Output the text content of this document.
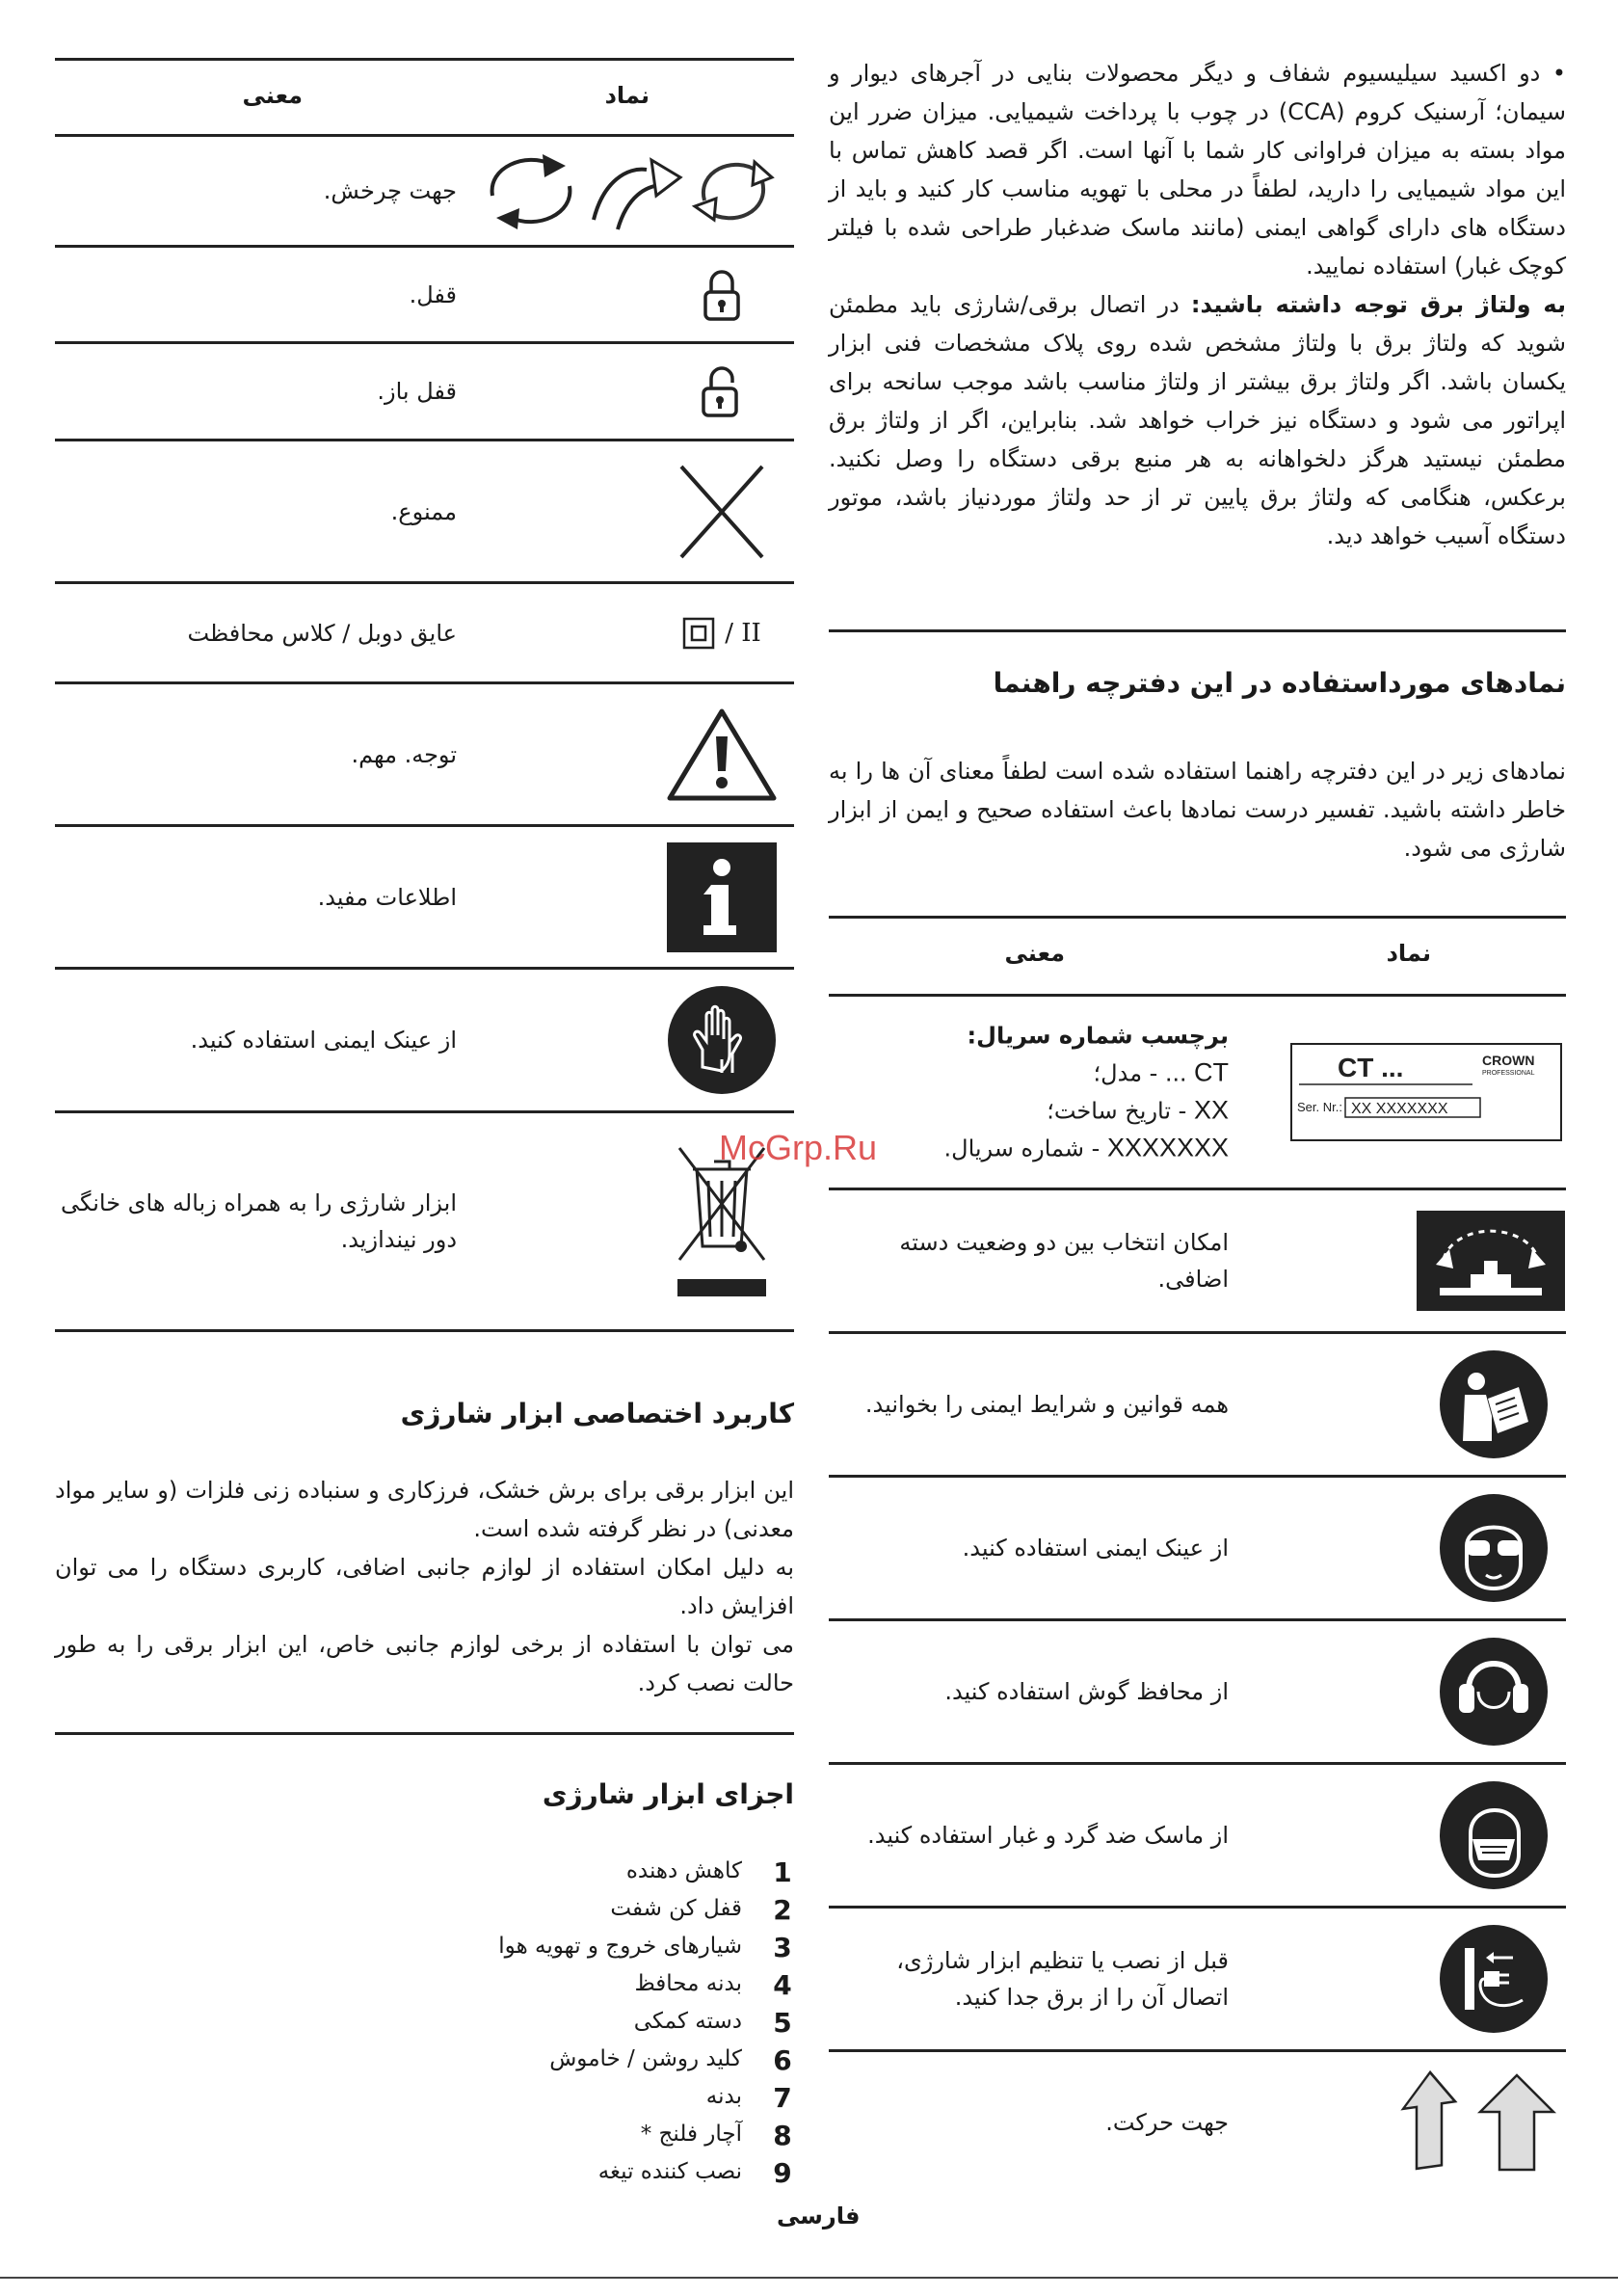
نماد
معنی
جهت چرخش.
قفل.
قفل باز.
ممنوع.
/ II
عایق دوبل / کلاس محافظت
توجه. مهم.
اطلاعات مفید.
از عینک ایمنی استفاده کنید.
ابزار شارژی را به همراه زباله های خانگی دور نیندازید.
کاربرد اختصاصی ابزار شارژی
این ابزار برقی برای برش خشک، فرزکاری و سنباده زنی فلزات (و سایر مواد معدنی) در نظر گرفته شده است.
به دلیل امکان استفاده از لوازم جانبی اضافی، کاربری دستگاه را می توان افزایش داد.
می توان با استفاده از برخی لوازم جانبی خاص، این ابزار برقی را به طور حالت نصب کرد.
اجزای ابزار شارژی
1
کاهش دهنده
2
قفل کن شفت
3
شیارهای خروج و تهویه هوا
4
بدنه محافظ
5
دسته کمکی
6
کلید روشن / خاموش
7
بدنه
8
آچار فلنج *
9
نصب کننده تیغه
• دو اکسید سیلیسیوم شفاف و دیگر محصولات بنایی در آجرهای دیوار و سیمان؛ آرسنیک کروم (CCA) در چوب با پرداخت شیمیایی. میزان ضرر این مواد بسته به میزان فراوانی کار شما با آنها است. اگر قصد کاهش تماس با این مواد شیمیایی را دارید، لطفاً در محلی با تهویه مناسب کار کنید و باید از دستگاه های دارای گواهی ایمنی (مانند ماسک ضدغبار طراحی شده با فیلتر کوچک غبار) استفاده نمایید.
به ولتاژ برق توجه داشته باشید: در اتصال برقی/شارژی باید مطمئن شوید که ولتاژ برق با ولتاژ مشخص شده روی پلاک مشخصات فنی ابزار یکسان باشد. اگر ولتاژ برق بیشتر از ولتاژ مناسب باشد موجب سانحه برای اپراتور می شود و دستگاه نیز خراب خواهد شد. بنابراین، اگر از ولتاژ برق مطمئن نیستید هرگز دلخواهانه به هر منبع برقی دستگاه را وصل نکنید. برعکس، هنگامی که ولتاژ برق پایین تر از حد ولتاژ موردنیاز باشد، موتور دستگاه آسیب خواهد دید.
نمادهای مورداستفاده در این دفترچه راهنما
نمادهای زیر در این دفترچه راهنما استفاده شده است لطفاً معنای آن ها را به خاطر داشته باشید. تفسیر درست نمادها باعث استفاده صحیح و ایمن از ابزار شارژی می شود.
نماد
معنی
CT ...	CROWN
PROFESSIONAL
Ser. Nr.: XX XXXXXXX
برچسب شماره سریال:
CT ... - مدل؛
XX - تاریخ ساخت؛
XXXXXXX - شماره سریال.
امکان انتخاب بین دو وضعیت دسته اضافی.
همه قوانین و شرایط ایمنی را بخوانید.
از عینک ایمنی استفاده کنید.
از محافظ گوش استفاده کنید.
از ماسک ضد گرد و غبار استفاده کنید.
قبل از نصب یا تنظیم ابزار شارژی، اتصال آن را از برق جدا کنید.
جهت حرکت.
McGrp.Ru
فارسی
